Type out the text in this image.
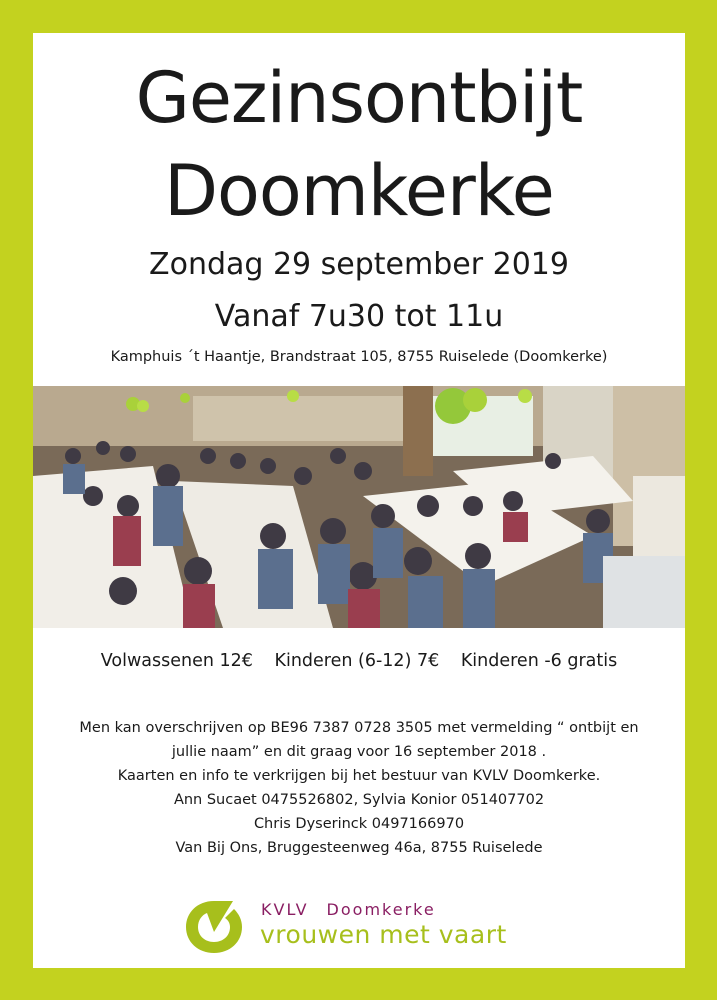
Gezinsontbijt
Doomkerke
Zondag 29 september 2019
Vanaf 7u30 tot 11u
Kamphuis ´t Haantje, Brandstraat 105, 8755 Ruiselede (Doomkerke)
Volwassenen 12€ Kinderen (6-12) 7€ Kinderen -6 gratis
Men kan overschrijven op BE96 7387 0728 3505 met vermelding “ ontbijt en
jullie naam” en dit graag voor 16 september 2018 .
Kaarten en info te verkrijgen bij het bestuur van KVLV Doomkerke.
Ann Sucaet 0475526802, Sylvia Konior 051407702
Chris Dyserinck 0497166970
Van Bij Ons, Bruggesteenweg 46a, 8755 Ruiselede
KVLV Doomkerke
vrouwen met vaart
